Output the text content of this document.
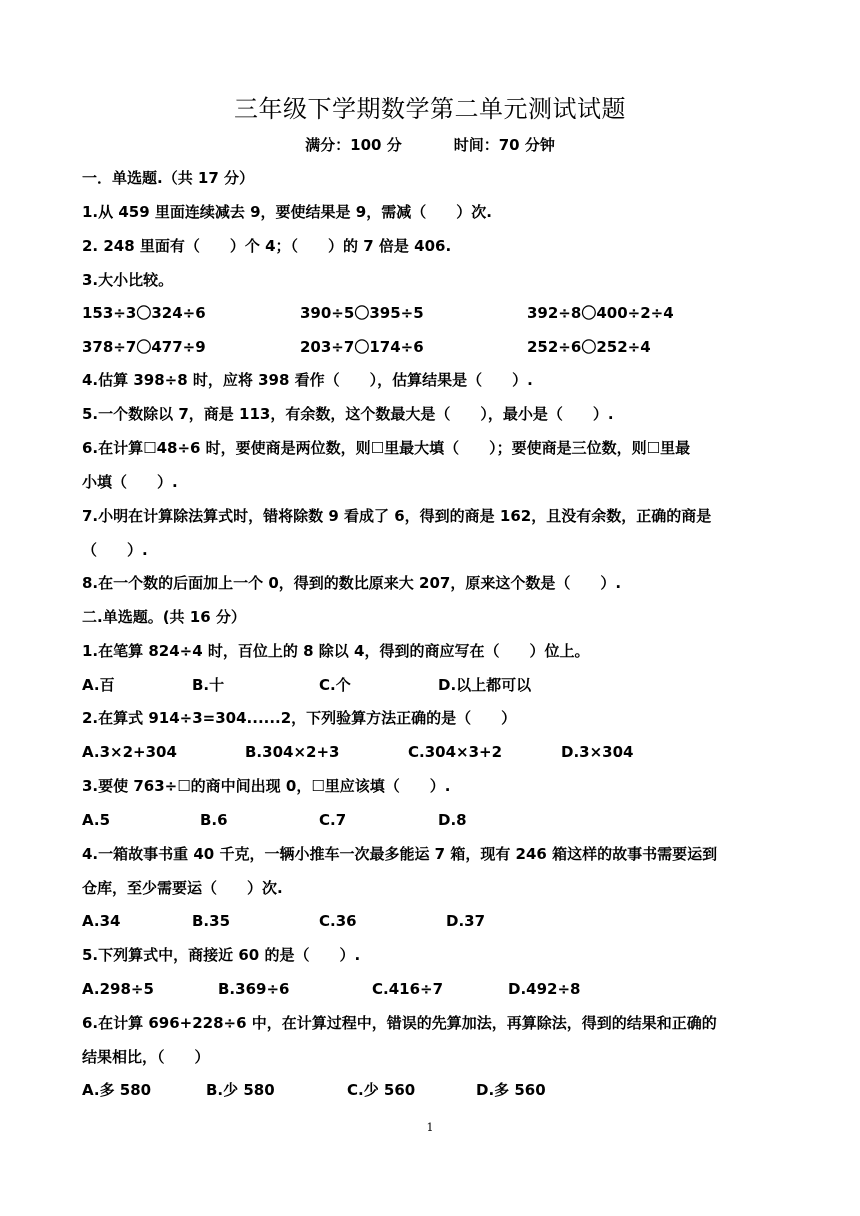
三年级下学期数学第二单元测试试题
满分：100 分	时间：70 分钟
一．单选题.（共 17 分）
1.从 459 里面连续减去 9，要使结果是 9，需减（　　）次.
2. 248 里面有（　　）个 4；（　　）的 7 倍是 406.
3.大小比较。
153÷3〇324÷6	390÷5〇395÷5	392÷8〇400÷2÷4
378÷7〇477÷9	203÷7〇174÷6	252÷6〇252÷4
4.估算 398÷8 时，应将 398 看作（　　），估算结果是（　　）.
5.一个数除以 7，商是 113，有余数，这个数最大是（　　），最小是（　　）.
6.在计算☐48÷6 时，要使商是两位数，则☐里最大填（　　）；要使商是三位数，则☐里最
小填（　　）.
7.小明在计算除法算式时，错将除数 9 看成了 6，得到的商是 162，且没有余数，正确的商是
（　　）.
8.在一个数的后面加上一个 0，得到的数比原来大 207，原来这个数是（　　）.
二.单选题。(共 16 分）
1.在笔算 824÷4 时，百位上的 8 除以 4，得到的商应写在（　　）位上。
A.百	B.十	C.个	D.以上都可以
2.在算式 914÷3=304......2，下列验算方法正确的是（　　）
A.3×2+304	B.304×2+3	C.304×3+2	D.3×304
3.要使 763÷☐的商中间出现 0，☐里应该填（　　）.
A.5	B.6	C.7	D.8
4.一箱故事书重 40 千克，一辆小推车一次最多能运 7 箱，现有 246 箱这样的故事书需要运到
仓库，至少需要运（　　）次.
A.34	B.35	C.36	D.37
5.下列算式中，商接近 60 的是（　　）.
A.298÷5	B.369÷6	C.416÷7	D.492÷8
6.在计算 696+228÷6 中，在计算过程中，错误的先算加法，再算除法，得到的结果和正确的
结果相比，（　　）
A.多 580	B.少 580	C.少 560	D.多 560
1
